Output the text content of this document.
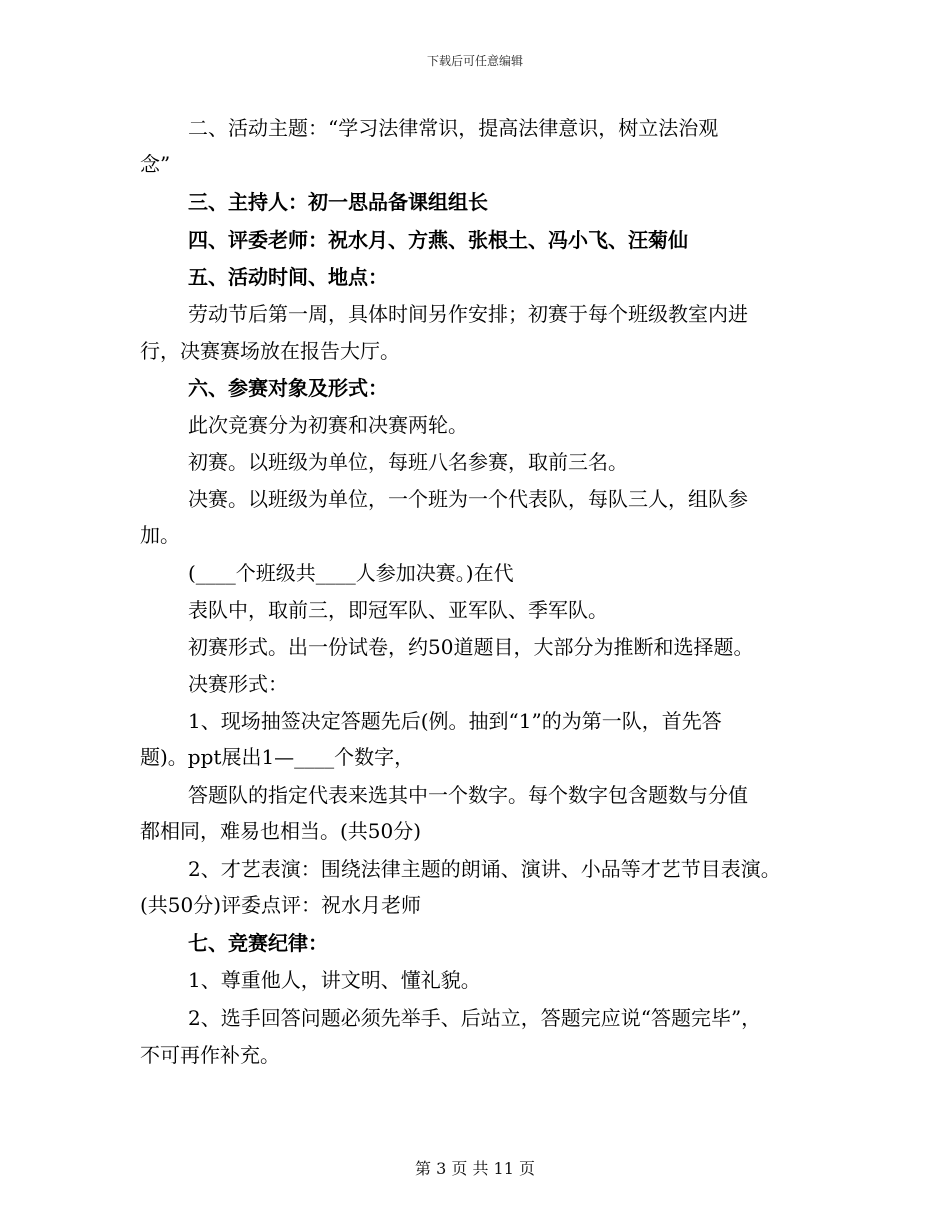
下载后可任意编辑
二、活动主题：“学习法律常识，提高法律意识，树立法治观
念”
三、主持人：初一思品备课组组长
四、评委老师：祝水月、方燕、张根土、冯小飞、汪菊仙
五、活动时间、地点：
劳动节后第一周，具体时间另作安排；初赛于每个班级教室内进
行，决赛赛场放在报告大厅。
六、参赛对象及形式：
此次竞赛分为初赛和决赛两轮。
初赛。以班级为单位，每班八名参赛，取前三名。
决赛。以班级为单位，一个班为一个代表队，每队三人，组队参
加。
(____个班级共____人参加决赛。)在代
表队中，取前三，即冠军队、亚军队、季军队。
初赛形式。出一份试卷，约50道题目，大部分为推断和选择题。
决赛形式：
1、现场抽签决定答题先后(例。抽到“1”的为第一队，首先答
题)。ppt展出1—____个数字，
答题队的指定代表来选其中一个数字。每个数字包含题数与分值
都相同，难易也相当。(共50分)
2、才艺表演：围绕法律主题的朗诵、演讲、小品等才艺节目表演。
(共50分)评委点评：祝水月老师
七、竞赛纪律：
1、尊重他人，讲文明、懂礼貌。
2、选手回答问题必须先举手、后站立，答题完应说“答题完毕”，
不可再作补充。
第 3 页 共 11 页
